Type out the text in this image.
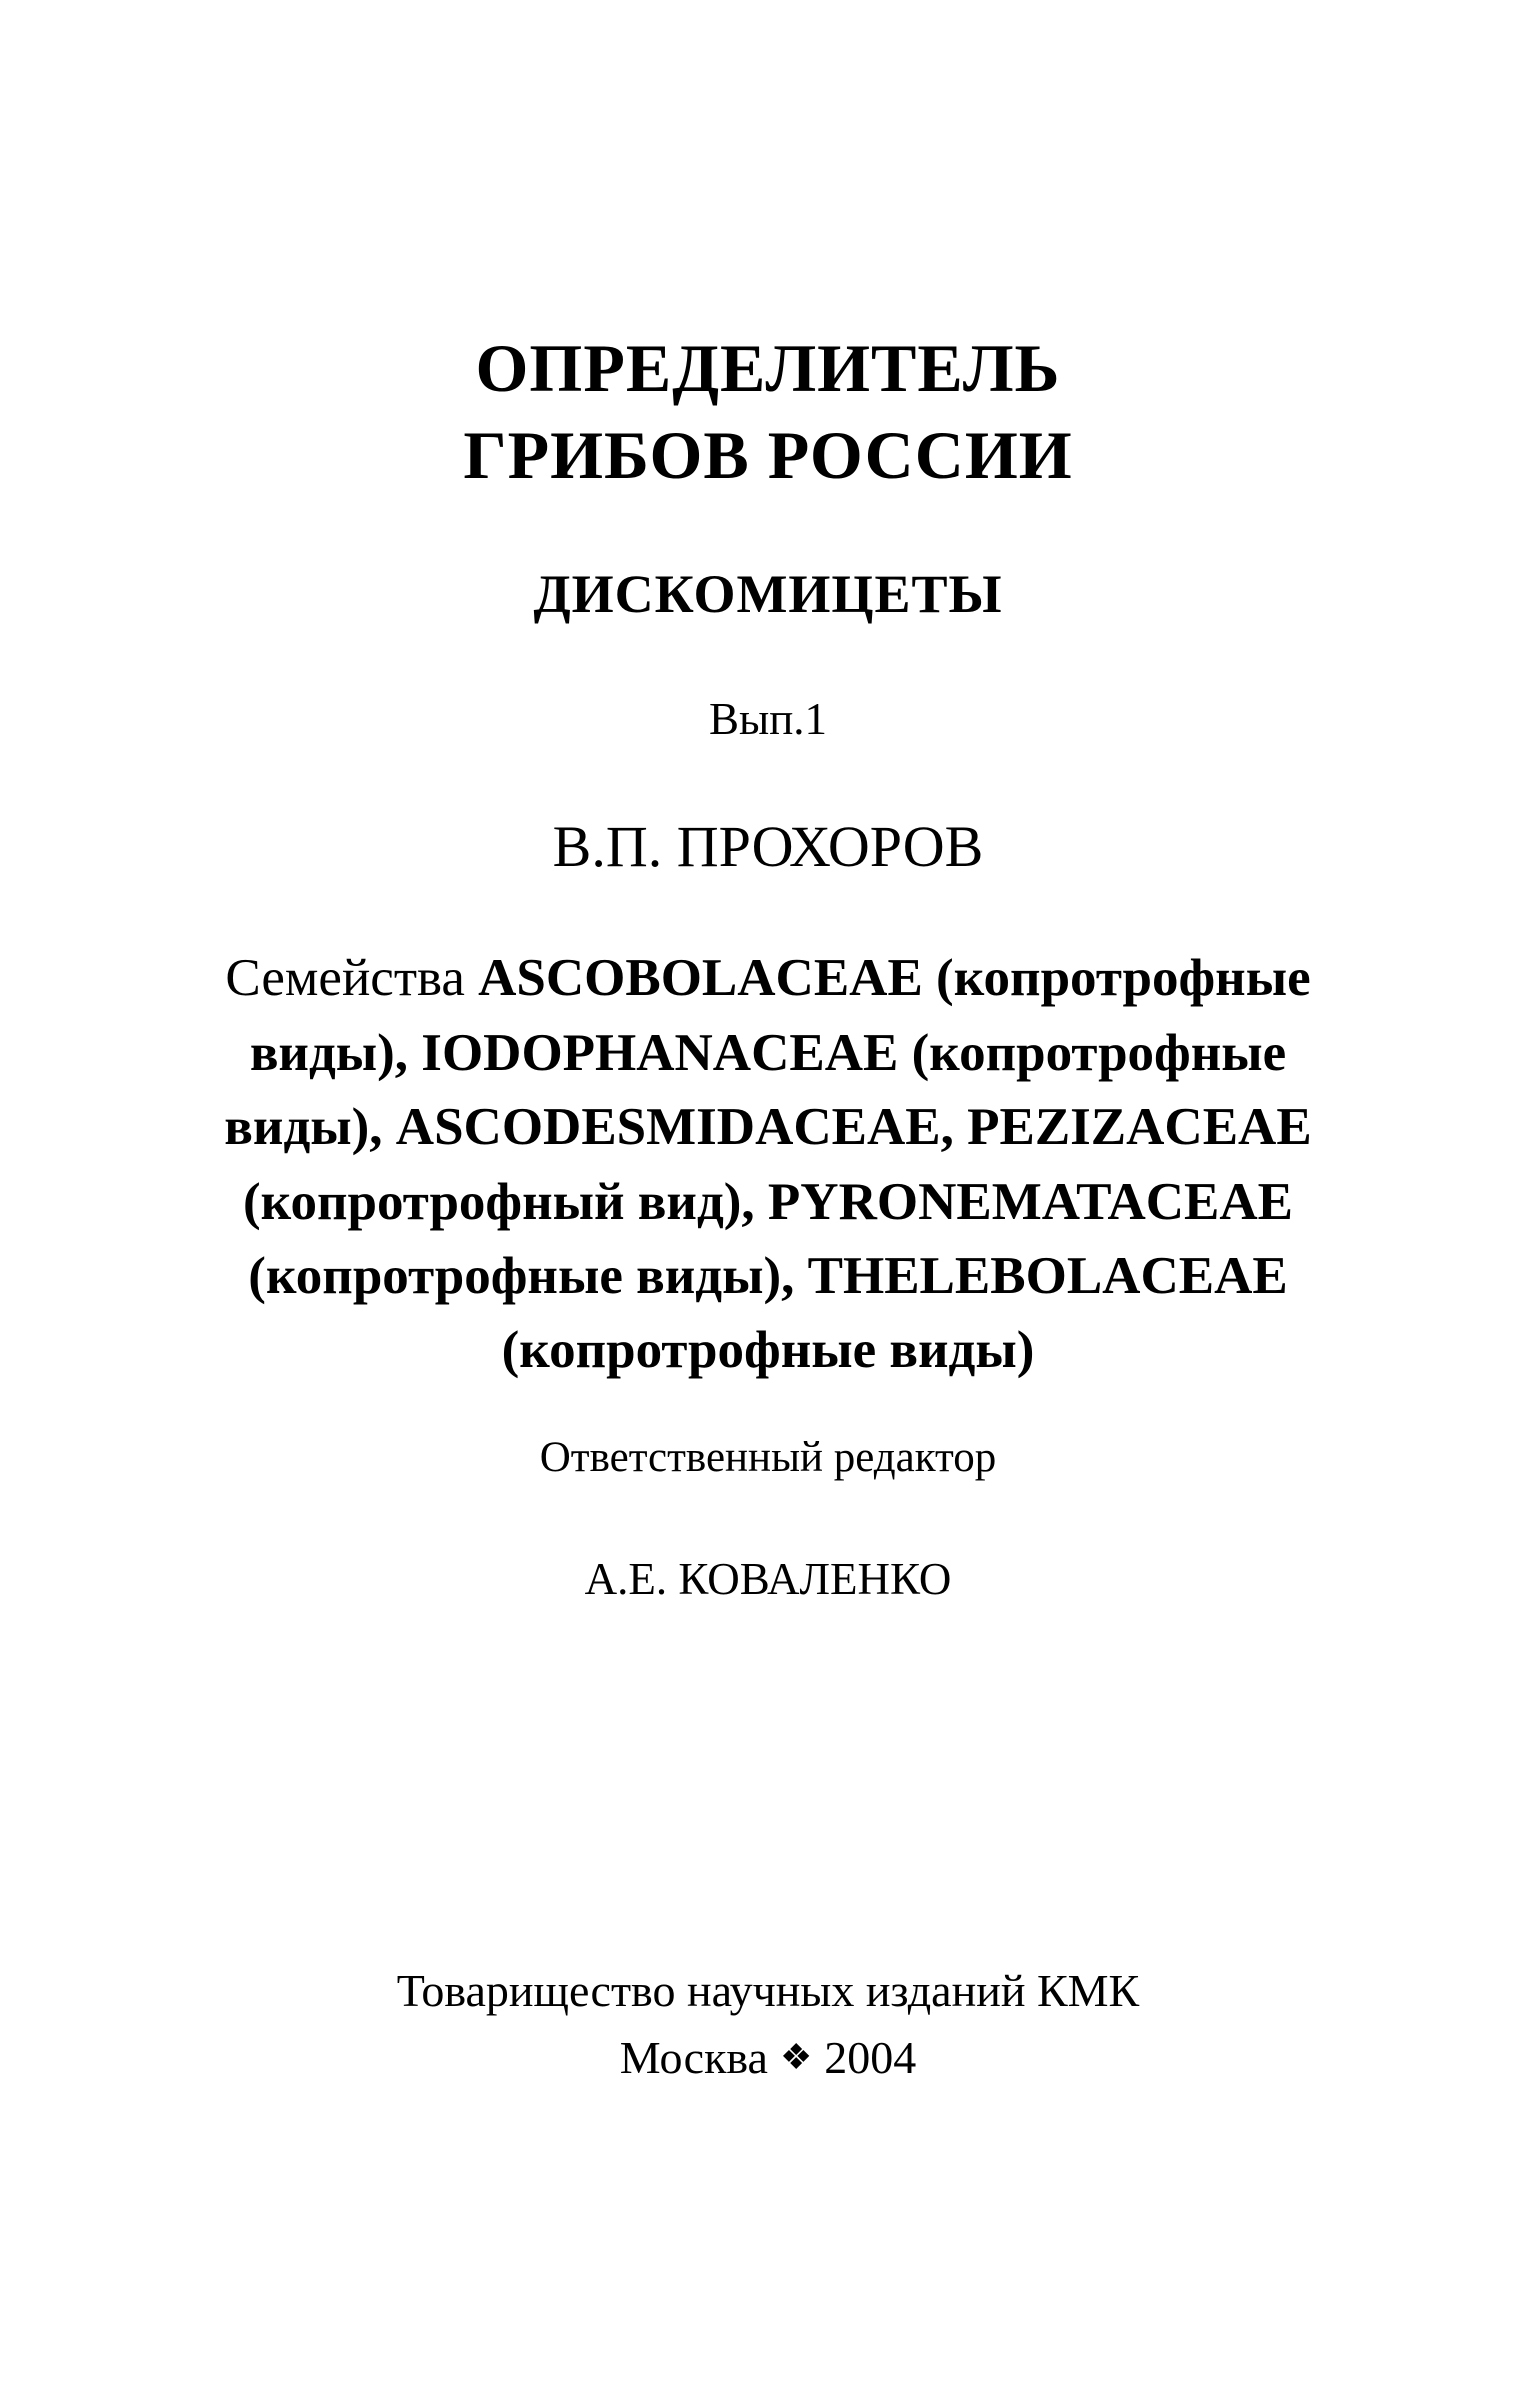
ОПРЕДЕЛИТЕЛЬ
ГРИБОВ РОССИИ
ДИСКОМИЦЕТЫ
Вып.1
В.П. ПРОХОРОВ
Семейства ASCOBOLACEAE (копротрофные
виды), IODOPHANACEAE (копротрофные
виды), ASCODESMIDACEAE, PEZIZACEAE
(копротрофный вид), PYRONEMATACEAE
(копротрофные виды), THELEBOLACEAE
(копротрофные виды)
Ответственный редактор
А.Е. КОВАЛЕНКО
Товарищество научных изданий КМК
Москва ❖ 2004
